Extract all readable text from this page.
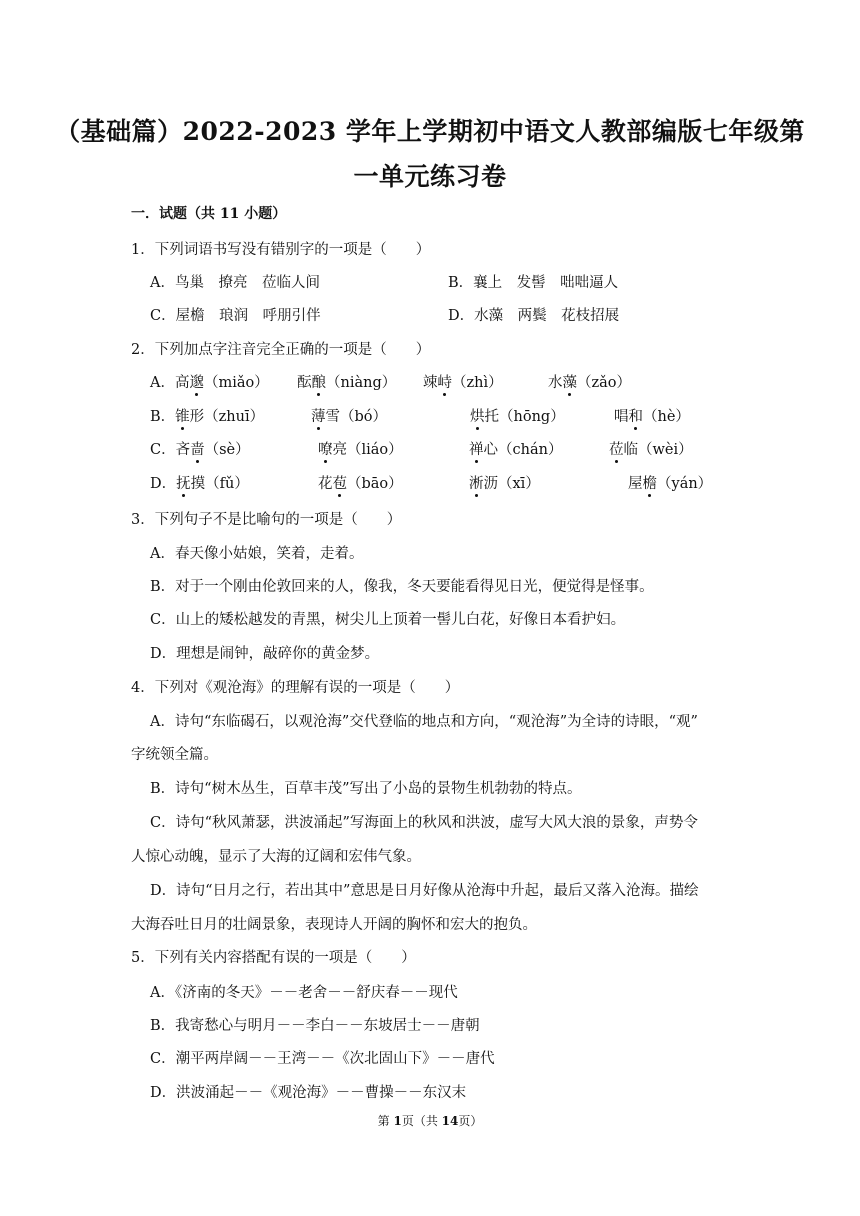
（基础篇）2022-2023 学年上学期初中语文人教部编版七年级第
一单元练习卷
一．试题（共 11 小题）
1．下列词语书写没有错别字的一项是（　　）
A．鸟巢　撩亮　莅临人间	B．襄上　发髻　咄咄逼人
C．屋檐　琅润　呼朋引伴	D．水藻　两鬓　花枝招展
2．下列加点字注音完全正确的一项是（　　）
A．高邈（miǎo） 酝酿（niàng） 竦峙（zhì）	水藻（zǎo）
B．锥形（zhuī）	薄雪（bó）	烘托（hōng）	唱和（hè）
C．吝啬（sè）	嘹亮（liáo）	禅心（chán）	莅临（wèi）
D．抚摸（fǔ）	花苞（bāo）	淅沥（xī）	屋檐（yán）
3．下列句子不是比喻句的一项是（　　）
A．春天像小姑娘，笑着，走着。
B．对于一个刚由伦敦回来的人，像我，冬天要能看得见日光，便觉得是怪事。
C．山上的矮松越发的青黑，树尖儿上顶着一髻儿白花，好像日本看护妇。
D．理想是闹钟，敲碎你的黄金梦。
4．下列对《观沧海》的理解有误的一项是（　　）
A．诗句“东临碣石，以观沧海”交代登临的地点和方向，“观沧海”为全诗的诗眼，“观”
字统领全篇。
B．诗句“树木丛生，百草丰茂”写出了小岛的景物生机勃勃的特点。
C．诗句“秋风萧瑟，洪波涌起”写海面上的秋风和洪波，虚写大风大浪的景象，声势令
人惊心动魄，显示了大海的辽阔和宏伟气象。
D．诗句“日月之行，若出其中”意思是日月好像从沧海中升起，最后又落入沧海。描绘
大海吞吐日月的壮阔景象，表现诗人开阔的胸怀和宏大的抱负。
5．下列有关内容搭配有误的一项是（　　）
A．《济南的冬天》－－老舍－－舒庆春－－现代
B．我寄愁心与明月－－李白－－东坡居士－－唐朝
C．潮平两岸阔－－王湾－－《次北固山下》－－唐代
D．洪波涌起－－《观沧海》－－曹操－－东汉末
第 1页（共 14页）
